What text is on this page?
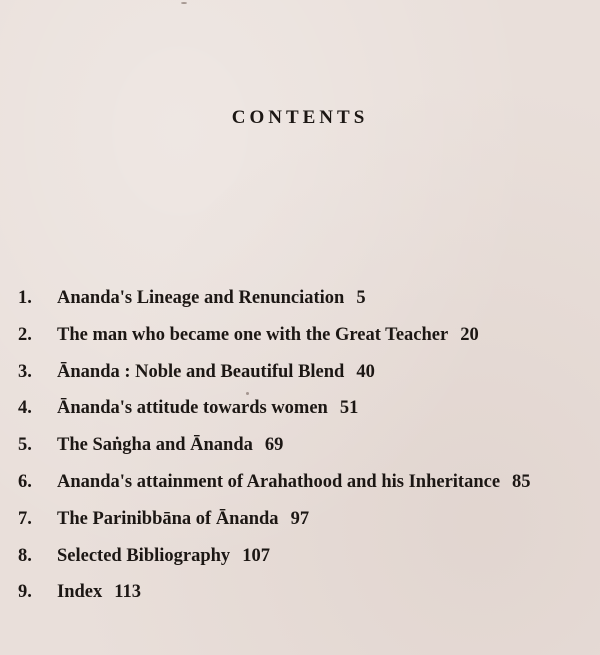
CONTENTS
1.	Ananda's Lineage and Renunciation 5
2.	The man who became one with the Great Teacher 20
3.	Ānanda : Noble and Beautiful Blend 40
4.	Ānanda's attitude towards women 51
5.	The Saṅgha and Ānanda 69
6.	Ananda's attainment of Arahathood and his Inheritance 85
7.	The Parinibbāna of Ānanda 97
8.	Selected Bibliography 107
9.	Index 113
